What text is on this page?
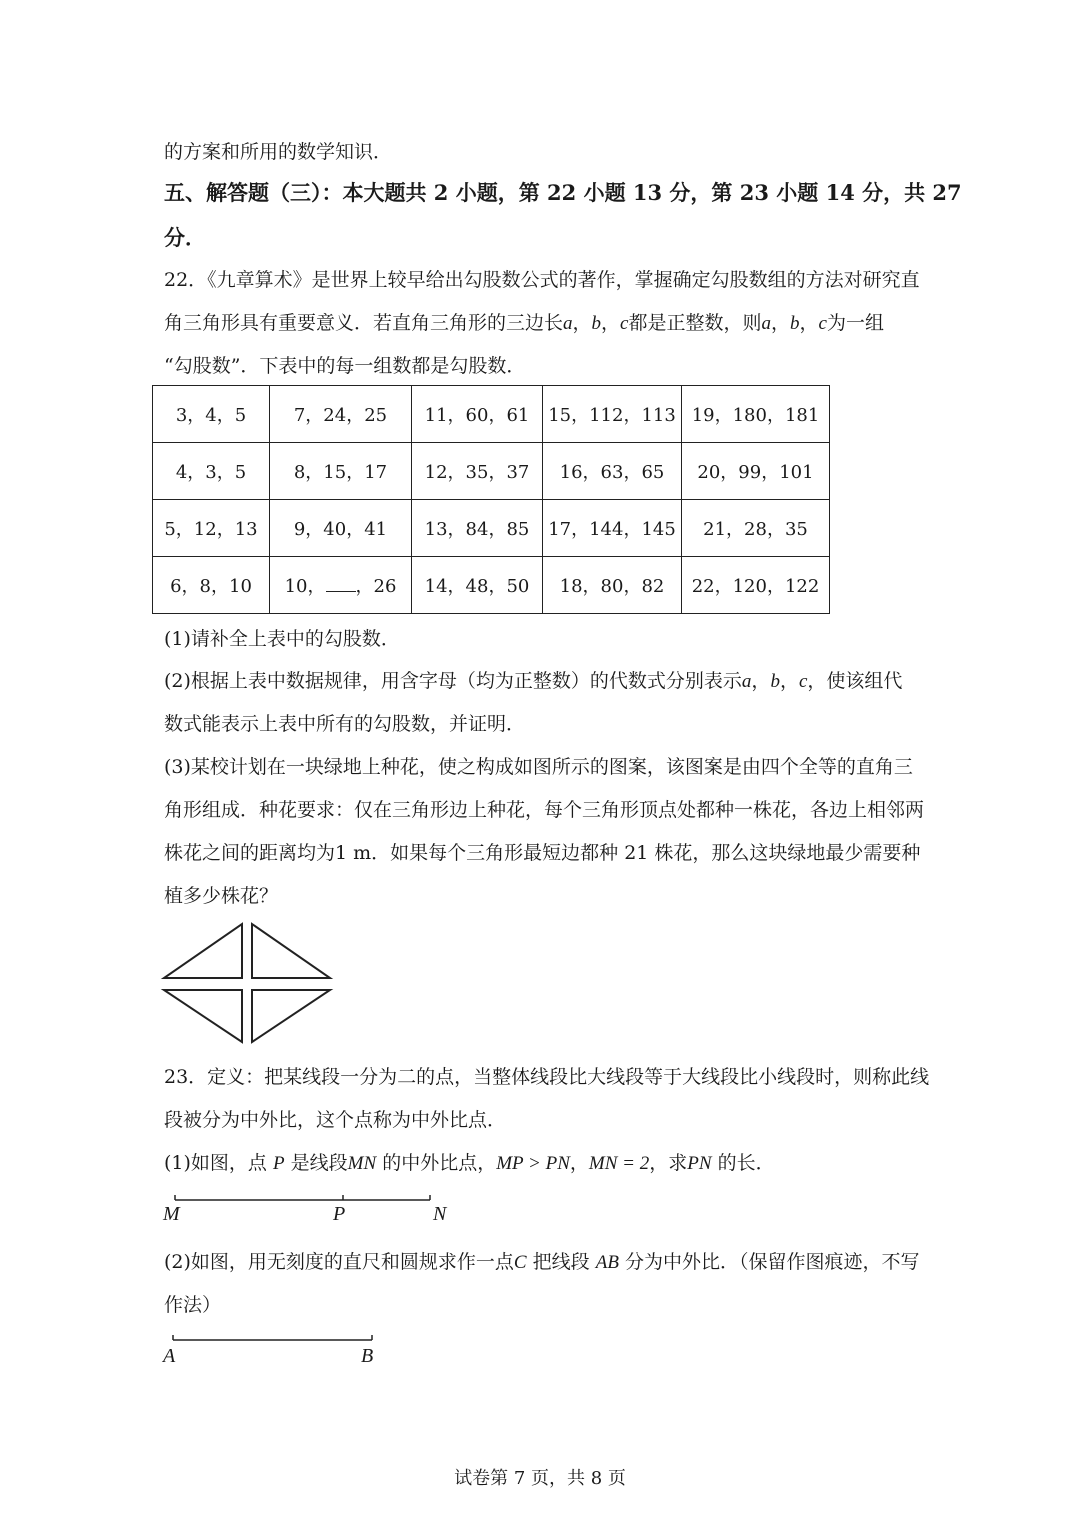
的方案和所用的数学知识．
五、解答题（三）：本大题共 2 小题，第 22 小题 13 分，第 23 小题 14 分，共 27
分．
22．《九章算术》是世界上较早给出勾股数公式的著作，掌握确定勾股数组的方法对研究直
角三角形具有重要意义．若直角三角形的三边长a，b，c都是正整数，则a，b，c为一组
“勾股数”．下表中的每一组数都是勾股数．
3，4，5	7，24，25	11，60，61	15，112，113	19，180，181
4，3，5	8，15，17	12，35，37	16，63，65	20，99，101
5，12，13	9，40，41	13，84，85	17，144，145	21，28，35
6，8，10	10， ，26	14，48，50	18，80，82	22，120，122
(1)请补全上表中的勾股数．
(2)根据上表中数据规律，用含字母（均为正整数）的代数式分别表示a，b，c，使该组代
数式能表示上表中所有的勾股数，并证明．
(3)某校计划在一块绿地上种花，使之构成如图所示的图案，该图案是由四个全等的直角三
角形组成．种花要求：仅在三角形边上种花，每个三角形顶点处都种一株花，各边上相邻两
株花之间的距离均为1 m．如果每个三角形最短边都种 21 株花，那么这块绿地最少需要种
植多少株花？
23．定义：把某线段一分为二的点，当整体线段比大线段等于大线段比小线段时，则称此线
段被分为中外比，这个点称为中外比点．
(1)如图，点 P 是线段MN 的中外比点，MP > PN，MN = 2，求PN 的长．
M	P	N
(2)如图，用无刻度的直尺和圆规求作一点C 把线段 AB 分为中外比．（保留作图痕迹，不写
作法）
A	B
试卷第 7 页，共 8 页
